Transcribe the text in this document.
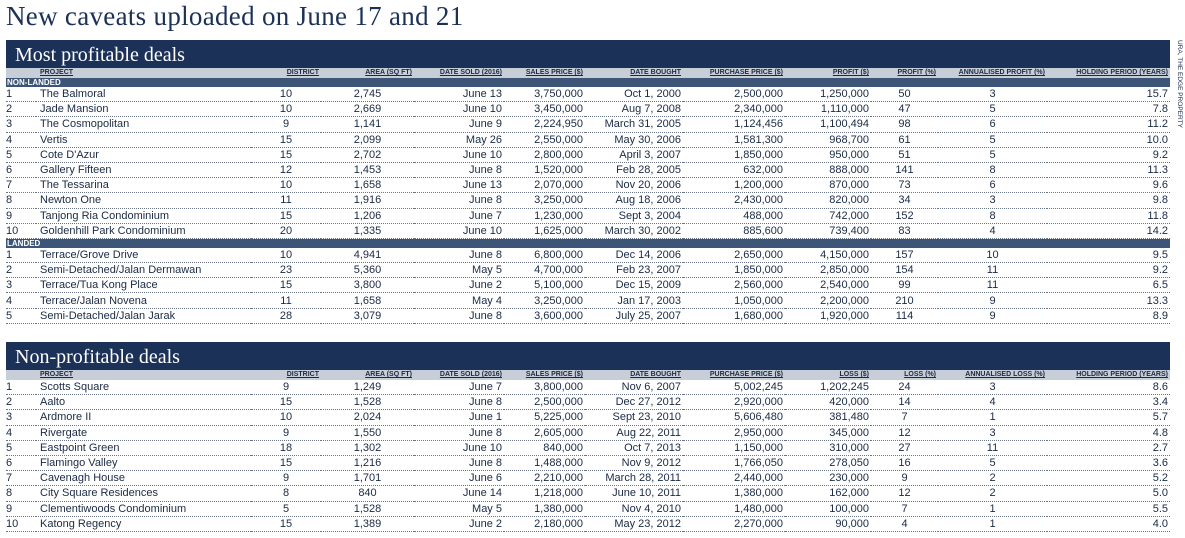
New caveats uploaded on June 17 and 21
URA, THE EDGE PROPERTY
Most profitable deals
	PROJECT	DISTRICT	AREA (SQ FT)	DATE SOLD (2016)	SALES PRICE ($)	DATE BOUGHT	PURCHASE PRICE ($)	PROFIT ($)	PROFIT (%)	ANNUALISED PROFIT (%)	HOLDING PERIOD (YEARS)
NON-LANDED											
1	The Balmoral	10	2,745	June 13	3,750,000	Oct 1, 2000	2,500,000	1,250,000	50	3	15.7
2	Jade Mansion	10	2,669	June 10	3,450,000	Aug 7, 2008	2,340,000	1,110,000	47	5	7.8
3	The Cosmopolitan	9	1,141	June 9	2,224,950	March 31, 2005	1,124,456	1,100,494	98	6	11.2
4	Vertis	15	2,099	May 26	2,550,000	May 30, 2006	1,581,300	968,700	61	5	10.0
5	Cote D'Azur	15	2,702	June 10	2,800,000	April 3, 2007	1,850,000	950,000	51	5	9.2
6	Gallery Fifteen	12	1,453	June 8	1,520,000	Feb 28, 2005	632,000	888,000	141	8	11.3
7	The Tessarina	10	1,658	June 13	2,070,000	Nov 20, 2006	1,200,000	870,000	73	6	9.6
8	Newton One	11	1,916	June 8	3,250,000	Aug 18, 2006	2,430,000	820,000	34	3	9.8
9	Tanjong Ria Condominium	15	1,206	June 7	1,230,000	Sept 3, 2004	488,000	742,000	152	8	11.8
10	Goldenhill Park Condominium	20	1,335	June 10	1,625,000	March 30, 2002	885,600	739,400	83	4	14.2
LANDED											
1	Terrace/Grove Drive	10	4,941	June 8	6,800,000	Dec 14, 2006	2,650,000	4,150,000	157	10	9.5
2	Semi-Detached/Jalan Dermawan	23	5,360	May 5	4,700,000	Feb 23, 2007	1,850,000	2,850,000	154	11	9.2
3	Terrace/Tua Kong Place	15	3,800	June 2	5,100,000	Dec 15, 2009	2,560,000	2,540,000	99	11	6.5
4	Terrace/Jalan Novena	11	1,658	May 4	3,250,000	Jan 17, 2003	1,050,000	2,200,000	210	9	13.3
5	Semi-Detached/Jalan Jarak	28	3,079	June 8	3,600,000	July 25, 2007	1,680,000	1,920,000	114	9	8.9
Non-profitable deals
	PROJECT	DISTRICT	AREA (SQ FT)	DATE SOLD (2016)	SALES PRICE ($)	DATE BOUGHT	PURCHASE PRICE ($)	LOSS ($)	LOSS (%)	ANNUALISED LOSS (%)	HOLDING PERIOD (YEARS)
1	Scotts Square	9	1,249	June 7	3,800,000	Nov 6, 2007	5,002,245	1,202,245	24	3	8.6
2	Aalto	15	1,528	June 8	2,500,000	Dec 27, 2012	2,920,000	420,000	14	4	3.4
3	Ardmore II	10	2,024	June 1	5,225,000	Sept 23, 2010	5,606,480	381,480	7	1	5.7
4	Rivergate	9	1,550	June 8	2,605,000	Aug 22, 2011	2,950,000	345,000	12	3	4.8
5	Eastpoint Green	18	1,302	June 10	840,000	Oct 7, 2013	1,150,000	310,000	27	11	2.7
6	Flamingo Valley	15	1,216	June 8	1,488,000	Nov 9, 2012	1,766,050	278,050	16	5	3.6
7	Cavenagh House	9	1,701	June 6	2,210,000	March 28, 2011	2,440,000	230,000	9	2	5.2
8	City Square Residences	8	840	June 14	1,218,000	June 10, 2011	1,380,000	162,000	12	2	5.0
9	Clementiwoods Condominium	5	1,528	May 5	1,380,000	Nov 4, 2010	1,480,000	100,000	7	1	5.5
10	Katong Regency	15	1,389	June 2	2,180,000	May 23, 2012	2,270,000	90,000	4	1	4.0
